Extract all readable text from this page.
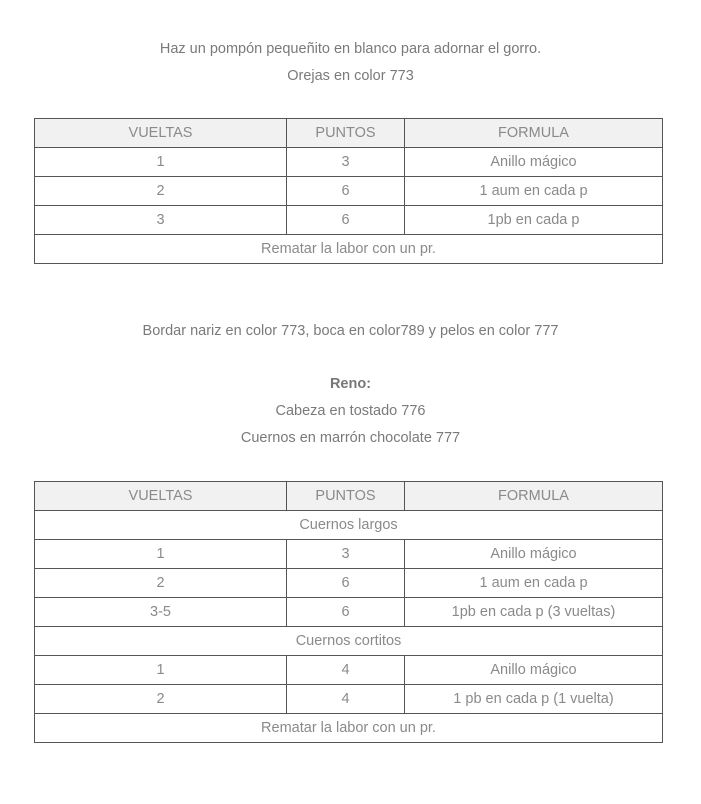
Haz un pompón pequeñito en blanco para adornar el gorro.

Orejas en color 773

VUELTAS	PUNTOS	FORMULA
1	3	Anillo mágico
2	6	1 aum en cada p
3	6	1pb en cada p
Rematar la labor con un pr.		

Bordar nariz en color 773, boca en color789 y pelos en color 777

Reno:

Cabeza en tostado 776

Cuernos en marrón chocolate 777

VUELTAS	PUNTOS	FORMULA
Cuernos largos		
1	3	Anillo mágico
2	6	1 aum en cada p
3-5	6	1pb en cada p (3 vueltas)
Cuernos cortitos		
1	4	Anillo mágico
2	4	1 pb en cada p (1 vuelta)
Rematar la labor con un pr.		
